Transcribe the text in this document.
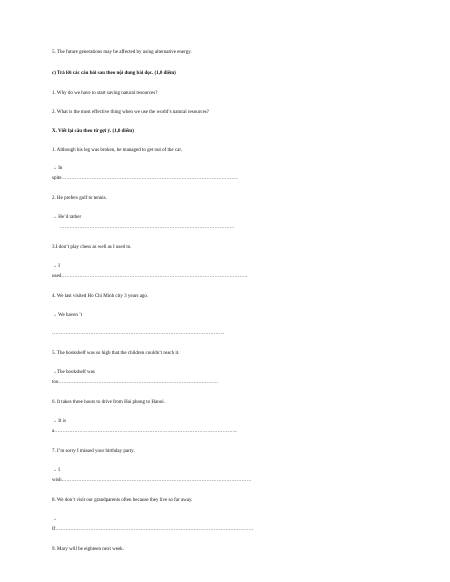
5. The future generations may be affected by using alternative energy.
c) Trả lời các câu hỏi sau theo nội dung bài đọc. (1,0 điểm)
1. Why do we have to start saving natural resources?
2. What is the most effective thing when we use the world’s natural resources?
X. Viết lại câu theo từ gợi ý. (1,0 điểm)
1. Although his leg was broken, he managed to get out of the car.
→ In
spite…………………………………………………………………………………………….
2. He prefers golf to tennis.
→ He’d rather
……………………………………………………………………………………………
3.I don’t play chess as well as I used to.
→ I
used………………………………………………………………………………………………….
4. We last visited Ho Chi Minh city 3 years ago.
→ We haven ’t
…………………………………………………………………………………………..
5. The bookshelf was so high that the children couldn’t reach it.
→The bookshelf was
too……………………………………………………………………………………
6. It takes three hours to drive from Hai phong to Hanoi.
→ It is
a………………………………………………………………………………………………..
7. I’m sorry I missed your birthday party.
→ I
wish……………………………………………………………………………………………………
8. We don’t visit our grandparents often because they live so far away.
→
If………………………………………………………………………………………………………..
9. Mary will be eighteen next week.
